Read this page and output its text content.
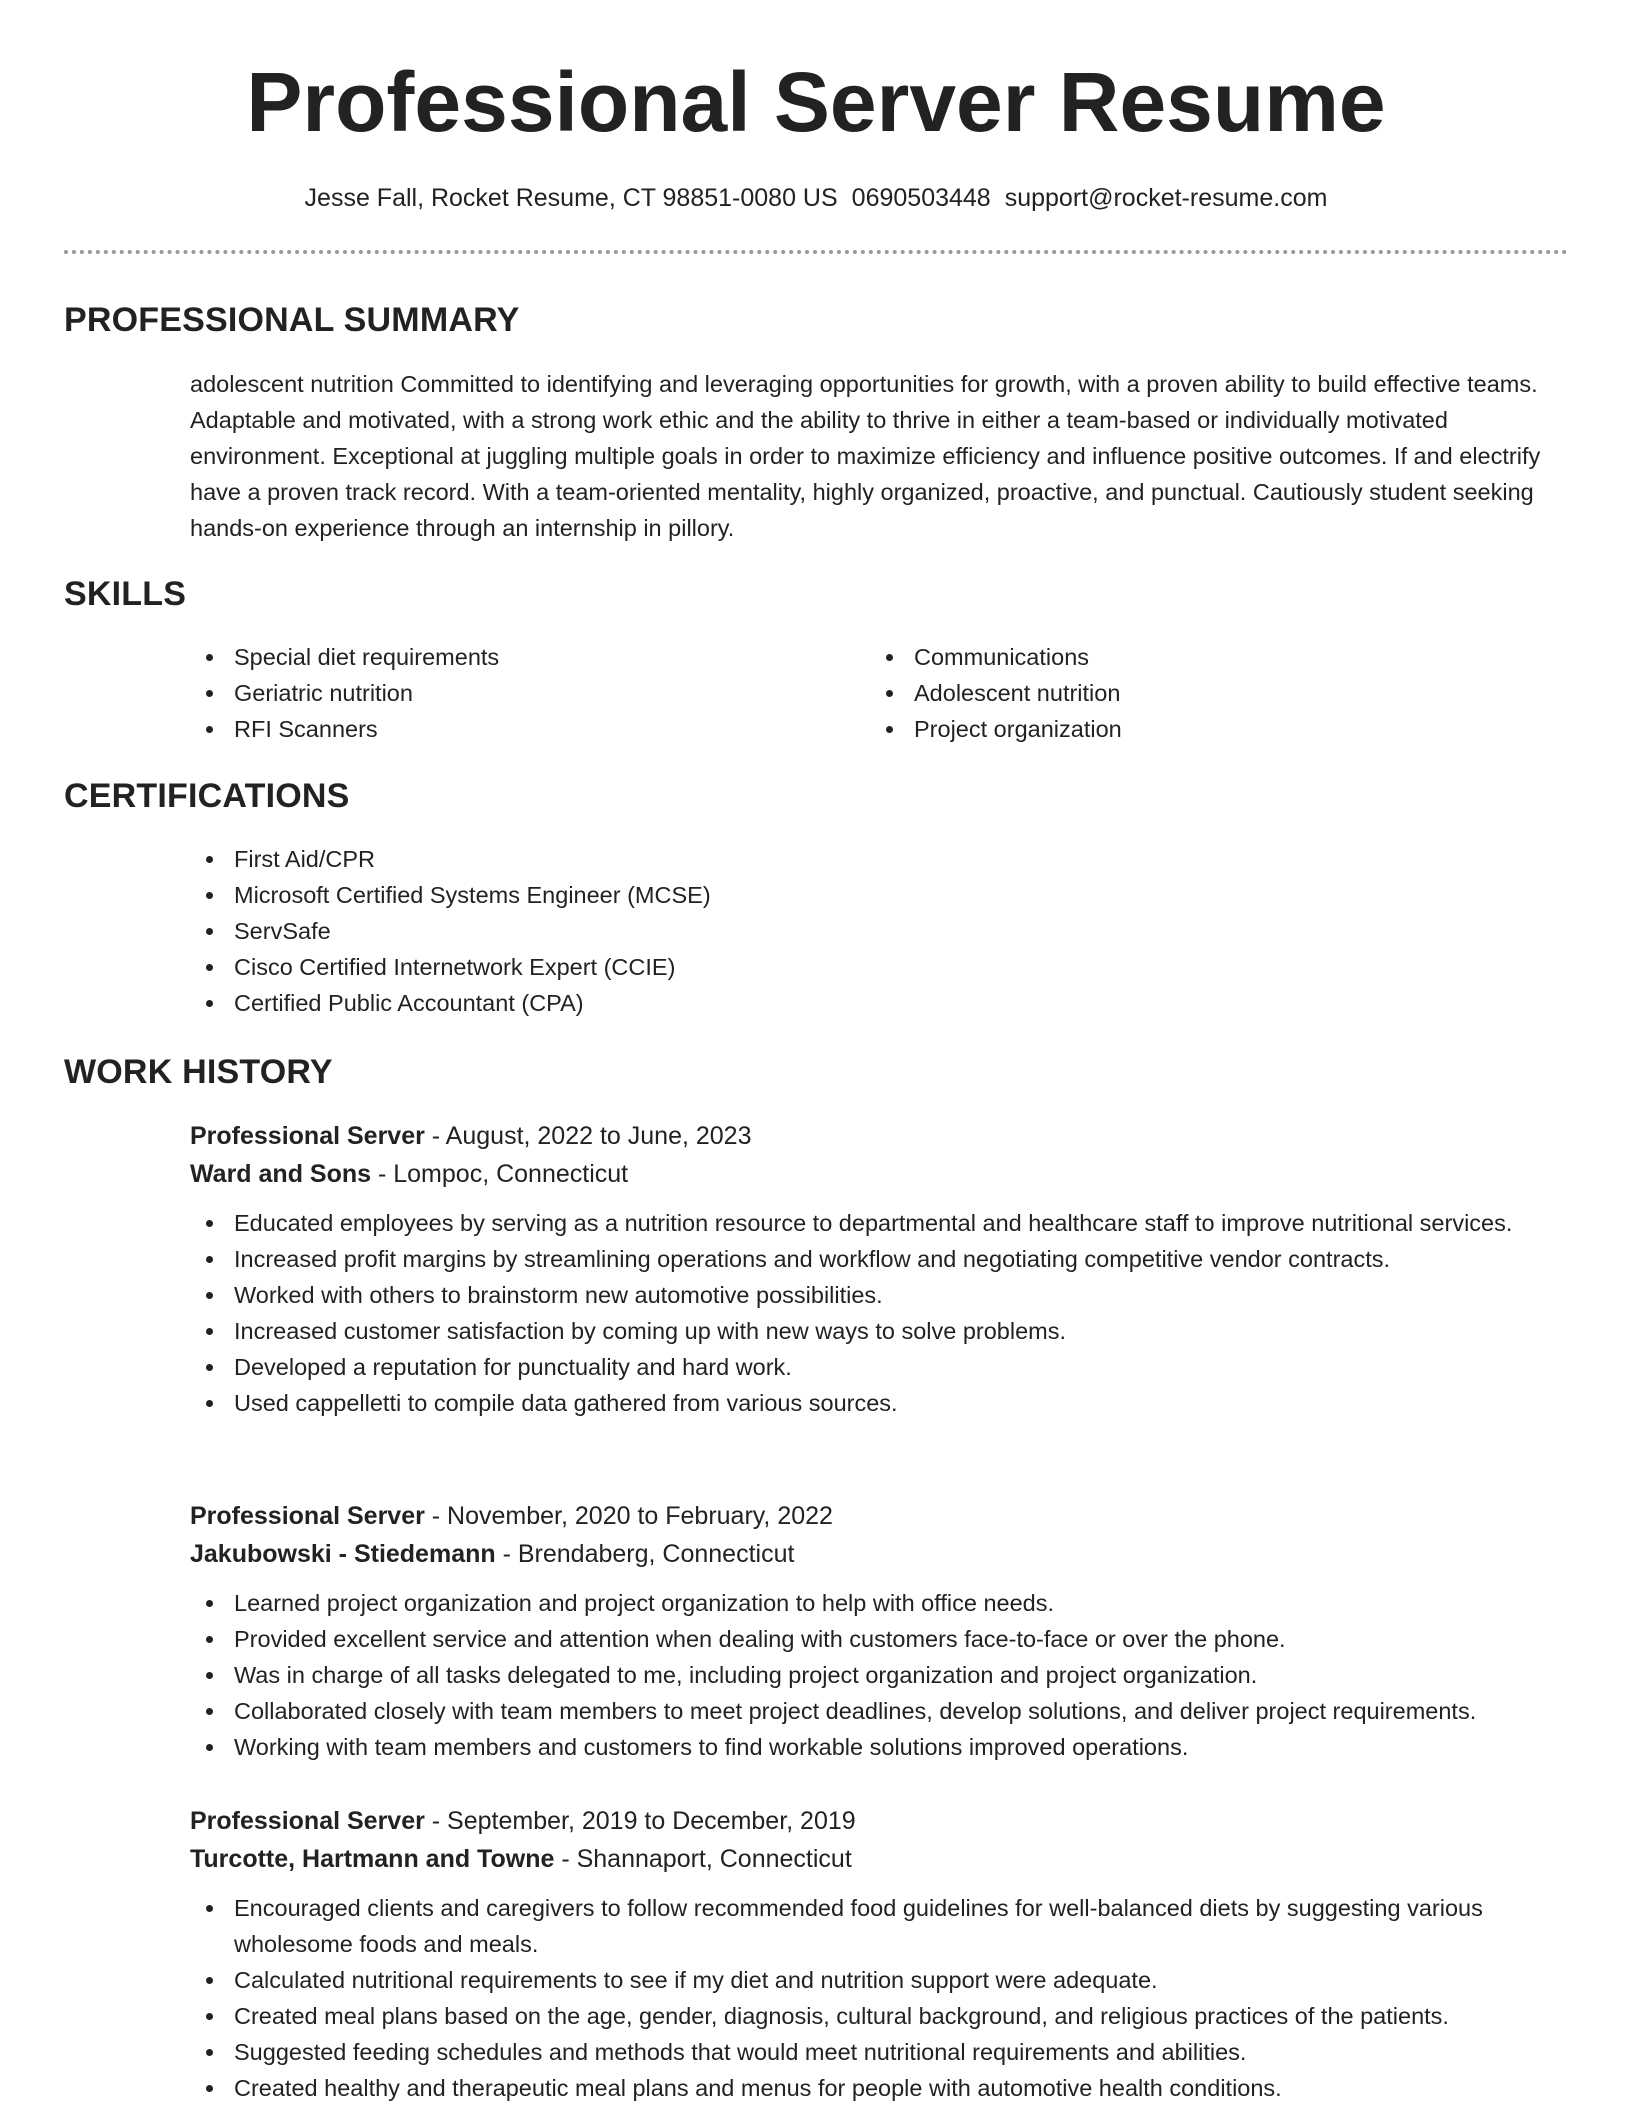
Professional Server Resume
Jesse Fall, Rocket Resume, CT 98851-0080 US 0690503448 support@rocket-resume.com
PROFESSIONAL SUMMARY

adolescent nutrition Committed to identifying and leveraging opportunities for growth, with a proven ability to build effective teams. Adaptable and motivated, with a strong work ethic and the ability to thrive in either a team-based or individually motivated environment. Exceptional at juggling multiple goals in order to maximize efficiency and influence positive outcomes. If and electrify have a proven track record. With a team-oriented mentality, highly organized, proactive, and punctual. Cautiously student seeking hands-on experience through an internship in pillory.

SKILLS
Special diet requirements
Geriatric nutrition
RFI Scanners
Communications
Adolescent nutrition
Project organization
CERTIFICATIONS
First Aid/CPR
Microsoft Certified Systems Engineer (MCSE)
ServSafe
Cisco Certified Internetwork Expert (CCIE)
Certified Public Accountant (CPA)
WORK HISTORY
Professional Server - August, 2022 to June, 2023
Ward and Sons - Lompoc, Connecticut
Educated employees by serving as a nutrition resource to departmental and healthcare staff to improve nutritional services.
Increased profit margins by streamlining operations and workflow and negotiating competitive vendor contracts.
Worked with others to brainstorm new automotive possibilities.
Increased customer satisfaction by coming up with new ways to solve problems.
Developed a reputation for punctuality and hard work.
Used cappelletti to compile data gathered from various sources.
Professional Server - November, 2020 to February, 2022
Jakubowski - Stiedemann - Brendaberg, Connecticut
Learned project organization and project organization to help with office needs.
Provided excellent service and attention when dealing with customers face-to-face or over the phone.
Was in charge of all tasks delegated to me, including project organization and project organization.
Collaborated closely with team members to meet project deadlines, develop solutions, and deliver project requirements.
Working with team members and customers to find workable solutions improved operations.
Professional Server - September, 2019 to December, 2019
Turcotte, Hartmann and Towne - Shannaport, Connecticut
Encouraged clients and caregivers to follow recommended food guidelines for well-balanced diets by suggesting various wholesome foods and meals.
Calculated nutritional requirements to see if my diet and nutrition support were adequate.
Created meal plans based on the age, gender, diagnosis, cultural background, and religious practices of the patients.
Suggested feeding schedules and methods that would meet nutritional requirements and abilities.
Created healthy and therapeutic meal plans and menus for people with automotive health conditions.
